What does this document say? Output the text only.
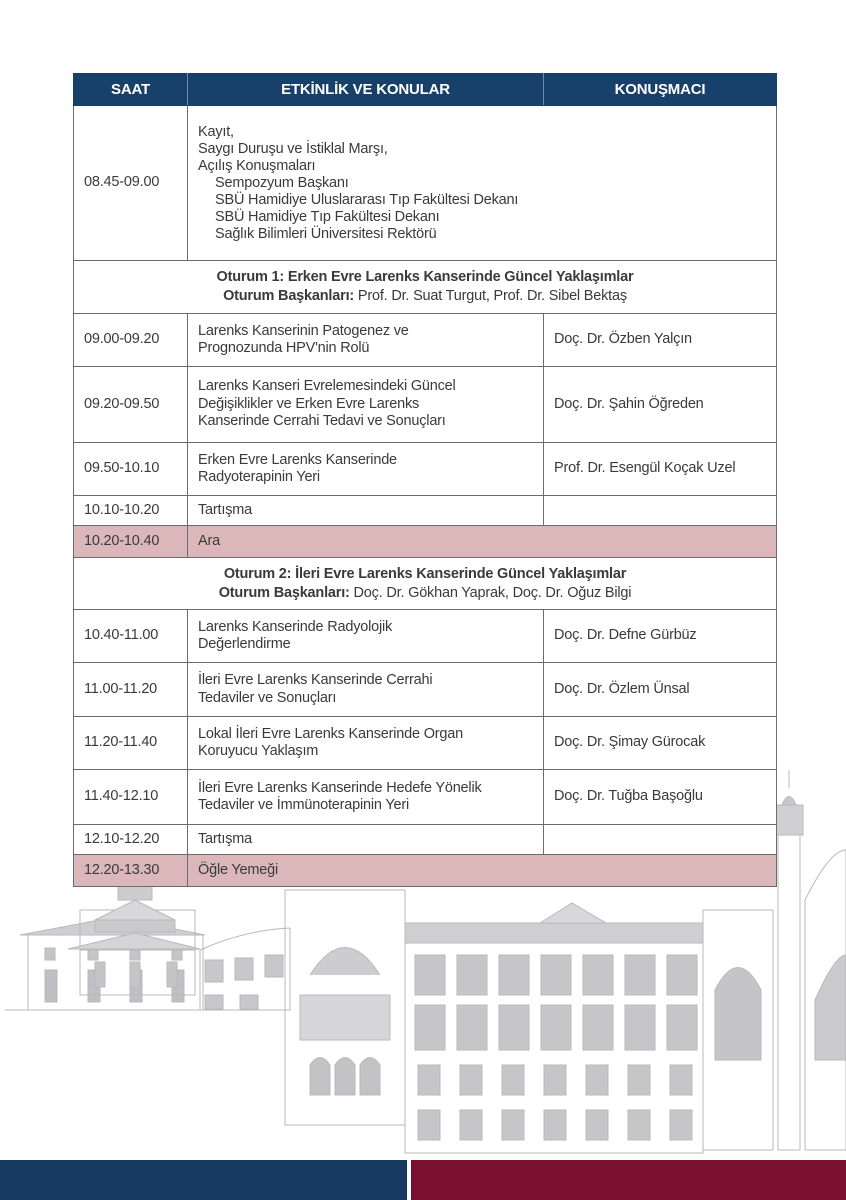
SAAT	ETKİNLİK VE KONULAR	KONUŞMACI
08.45-09.00	
Kayıt,
Saygı Duruşu ve İstiklal Marşı,
Açılış Konuşmaları
Sempozyum Başkanı
SBÜ Hamidiye Uluslararası Tıp Fakültesi Dekanı
SBÜ Hamidiye Tıp Fakültesi Dekanı
Sağlık Bilimleri Üniversitesi Rektörü

Oturum 1: Erken Evre Larenks Kanserinde Güncel Yaklaşımlar
Oturum Başkanları: Prof. Dr. Suat Turgut, Prof. Dr. Sibel Bektaş		

09.00-09.20	Larenks Kanserinin Patogenez ve
Prognozunda HPV'nin Rolü	Doç. Dr. Özben Yalçın
09.20-09.50	Larenks Kanseri Evrelemesindeki Güncel
Değişiklikler ve Erken Evre Larenks
Kanserinde Cerrahi Tedavi ve Sonuçları	Doç. Dr. Şahin Öğreden
09.50-10.10	Erken Evre Larenks Kanserinde
Radyoterapinin Yeri	Prof. Dr. Esengül Koçak Uzel
10.10-10.20	Tartışma	
10.20-10.40	Ara	

Oturum 2: İleri Evre Larenks Kanserinde Güncel Yaklaşımlar
Oturum Başkanları: Doç. Dr. Gökhan Yaprak, Doç. Dr. Oğuz Bilgi		

10.40-11.00	Larenks Kanserinde Radyolojik
Değerlendirme	Doç. Dr. Defne Gürbüz
11.00-11.20	İleri Evre Larenks Kanserinde Cerrahi
Tedaviler ve Sonuçları	Doç. Dr. Özlem Ünsal
11.20-11.40	Lokal İleri Evre Larenks Kanserinde Organ
Koruyucu Yaklaşım	Doç. Dr. Şimay Gürocak
11.40-12.10	İleri Evre Larenks Kanserinde Hedefe Yönelik
Tedaviler ve İmmünoterapinin Yeri	Doç. Dr. Tuğba Başoğlu
12.10-12.20	Tartışma	
12.20-13.30	Öğle Yemeği	
